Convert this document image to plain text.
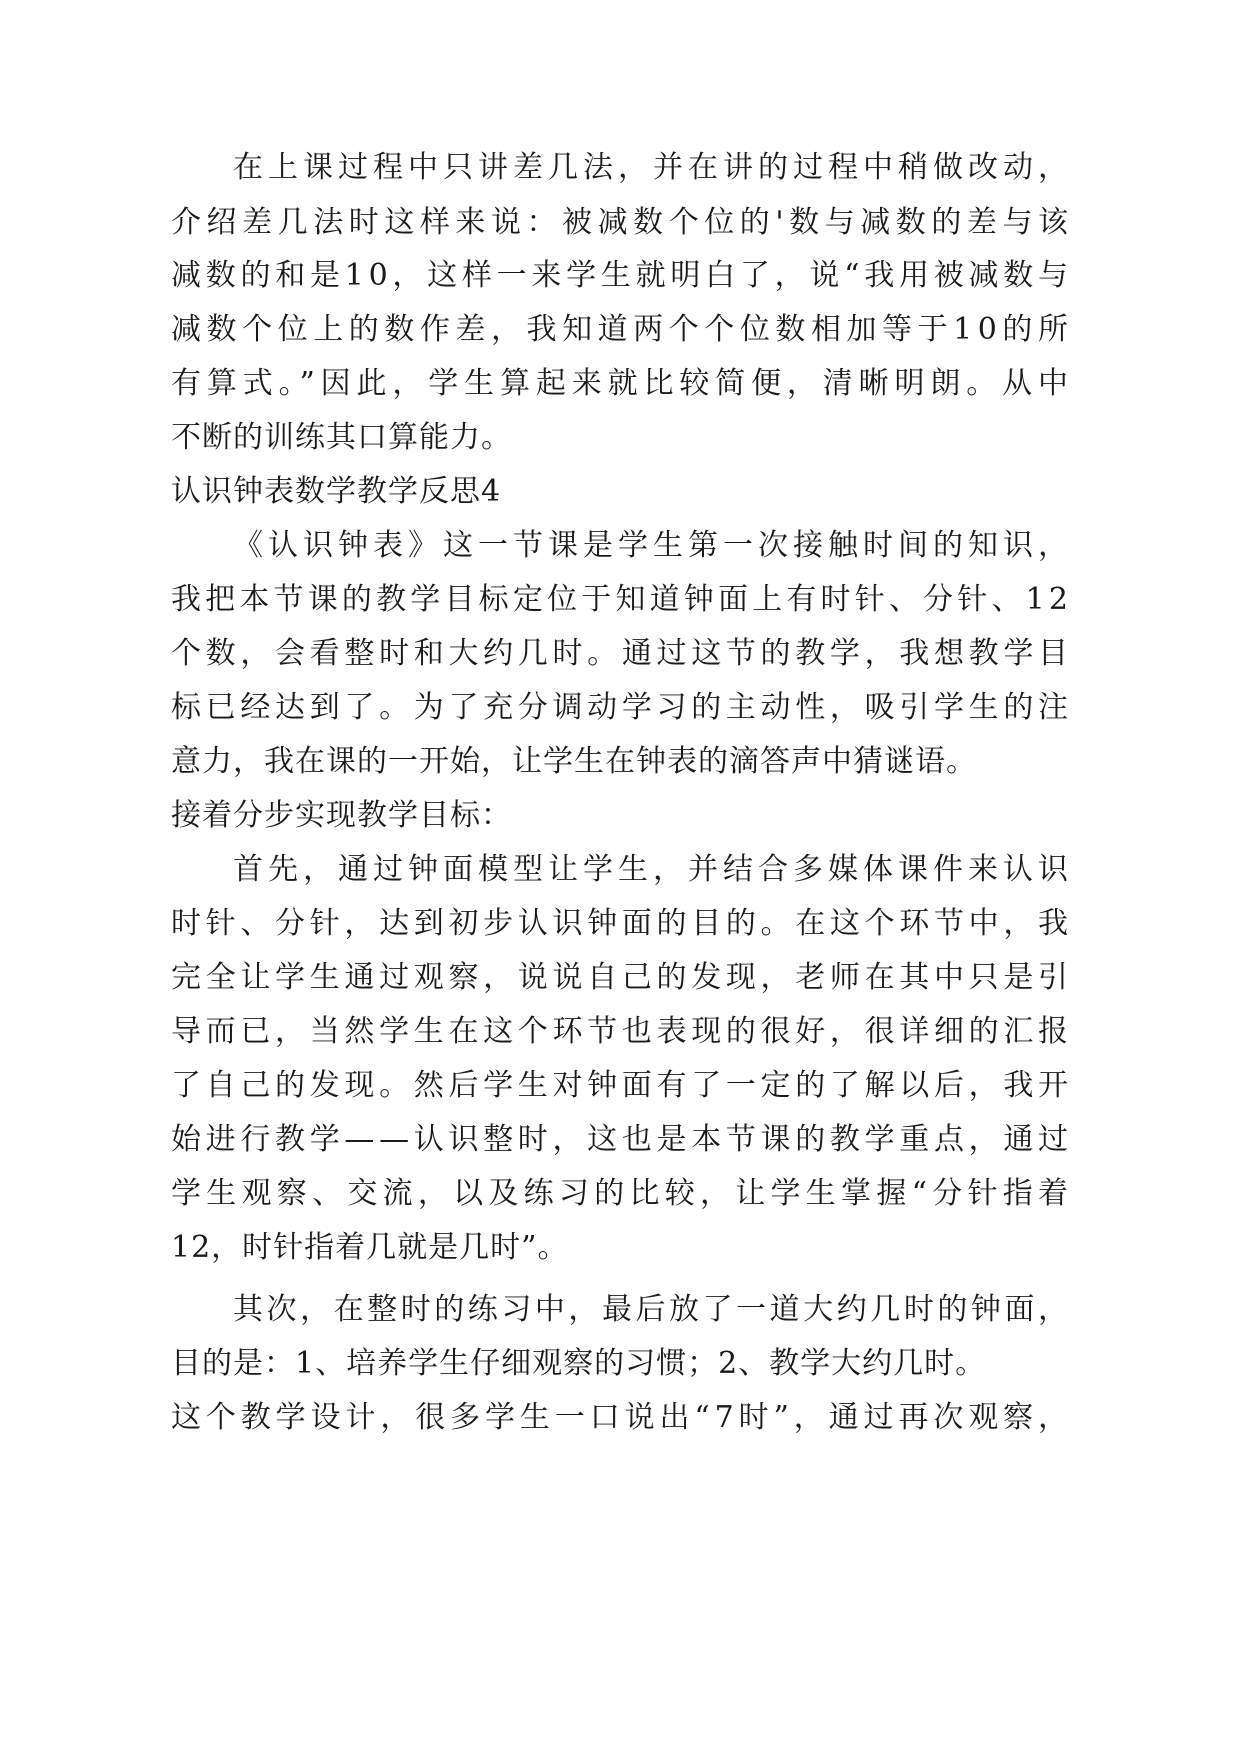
在上课过程中只讲差几法，并在讲的过程中稍做改动，
介绍差几法时这样来说：被减数个位的'数与减数的差与该
减数的和是10，这样一来学生就明白了，说“我用被减数与
减数个位上的数作差，我知道两个个位数相加等于10的所
有算式。”因此，学生算起来就比较简便，清晰明朗。从中
不断的训练其口算能力。
认识钟表数学教学反思4
《认识钟表》这一节课是学生第一次接触时间的知识，
我把本节课的教学目标定位于知道钟面上有时针、分针、12
个数，会看整时和大约几时。通过这节的教学，我想教学目
标已经达到了。为了充分调动学习的主动性，吸引学生的注
意力，我在课的一开始，让学生在钟表的滴答声中猜谜语。
接着分步实现教学目标：
首先，通过钟面模型让学生，并结合多媒体课件来认识
时针、分针，达到初步认识钟面的目的。在这个环节中，我
完全让学生通过观察，说说自己的发现，老师在其中只是引
导而已，当然学生在这个环节也表现的很好，很详细的汇报
了自己的发现。然后学生对钟面有了一定的了解以后，我开
始进行教学——认识整时，这也是本节课的教学重点，通过
学生观察、交流，以及练习的比较，让学生掌握“分针指着
12，时针指着几就是几时”。
其次，在整时的练习中，最后放了一道大约几时的钟面，
目的是：1、培养学生仔细观察的习惯；2、教学大约几时。
这个教学设计，很多学生一口说出“7时”，通过再次观察，
